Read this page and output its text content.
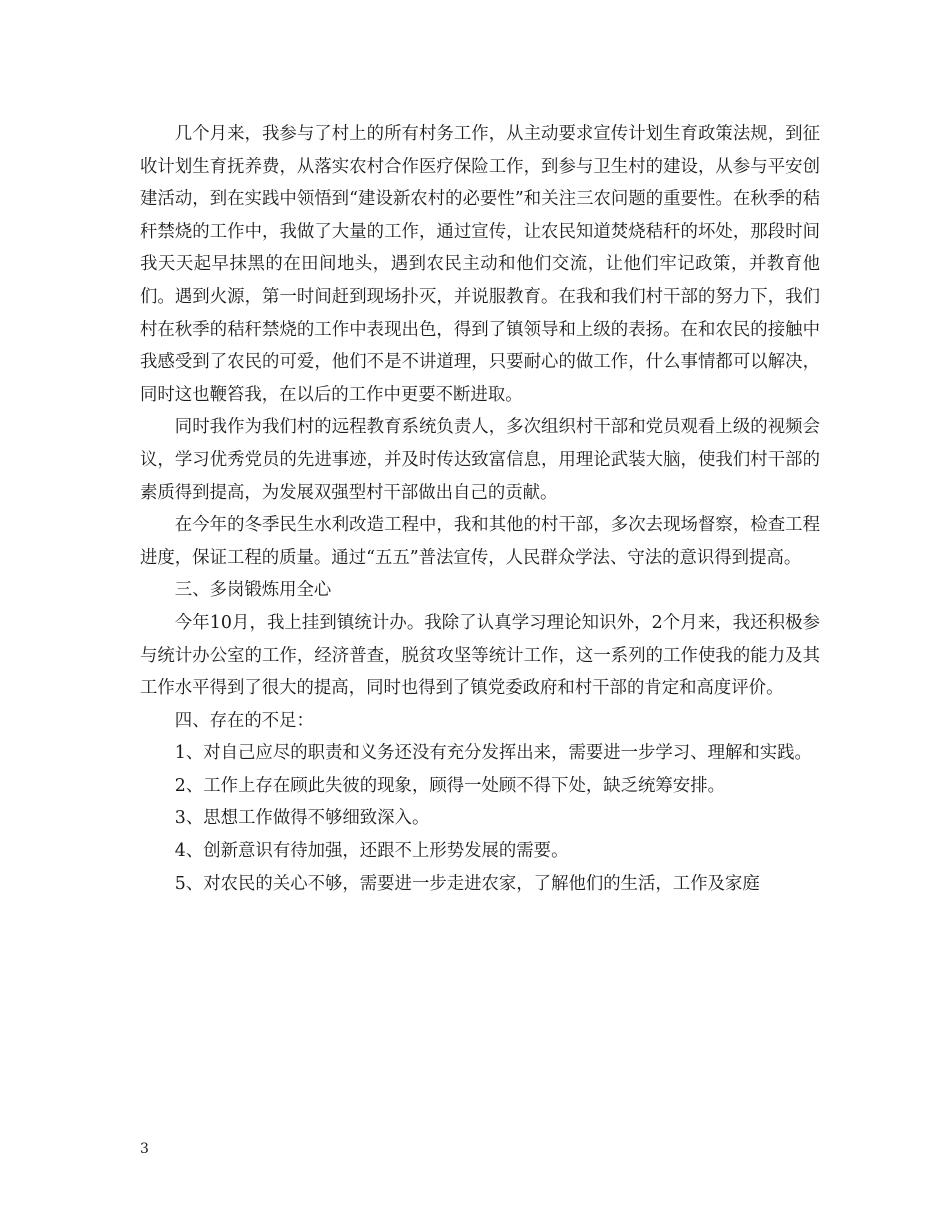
几个月来，我参与了村上的所有村务工作，从主动要求宣传计划生育政策法规，到征收计划生育抚养费，从落实农村合作医疗保险工作，到参与卫生村的建设，从参与平安创建活动，到在实践中领悟到“建设新农村的必要性”和关注三农问题的重要性。在秋季的秸秆禁烧的工作中，我做了大量的工作，通过宣传，让农民知道焚烧秸秆的坏处，那段时间我天天起早抹黑的在田间地头，遇到农民主动和他们交流，让他们牢记政策，并教育他们。遇到火源，第一时间赶到现场扑灭，并说服教育。在我和我们村干部的努力下，我们村在秋季的秸秆禁烧的工作中表现出色，得到了镇领导和上级的表扬。在和农民的接触中我感受到了农民的可爱，他们不是不讲道理，只要耐心的做工作，什么事情都可以解决，同时这也鞭笞我，在以后的工作中更要不断进取。

同时我作为我们村的远程教育系统负责人，多次组织村干部和党员观看上级的视频会议，学习优秀党员的先进事迹，并及时传达致富信息，用理论武装大脑，使我们村干部的素质得到提高，为发展双强型村干部做出自己的贡献。

在今年的冬季民生水利改造工程中，我和其他的村干部，多次去现场督察，检查工程进度，保证工程的质量。通过“五五”普法宣传，人民群众学法、守法的意识得到提高。

三、多岗锻炼用全心

今年10月，我上挂到镇统计办。我除了认真学习理论知识外，2个月来，我还积极参与统计办公室的工作，经济普查，脱贫攻坚等统计工作，这一系列的工作使我的能力及其工作水平得到了很大的提高，同时也得到了镇党委政府和村干部的肯定和高度评价。

四、存在的不足：

1、对自己应尽的职责和义务还没有充分发挥出来，需要进一步学习、理解和实践。

2、工作上存在顾此失彼的现象，顾得一处顾不得下处，缺乏统筹安排。

3、思想工作做得不够细致深入。

4、创新意识有待加强，还跟不上形势发展的需要。

5、对农民的关心不够，需要进一步走进农家，了解他们的生活，工作及家庭

3
